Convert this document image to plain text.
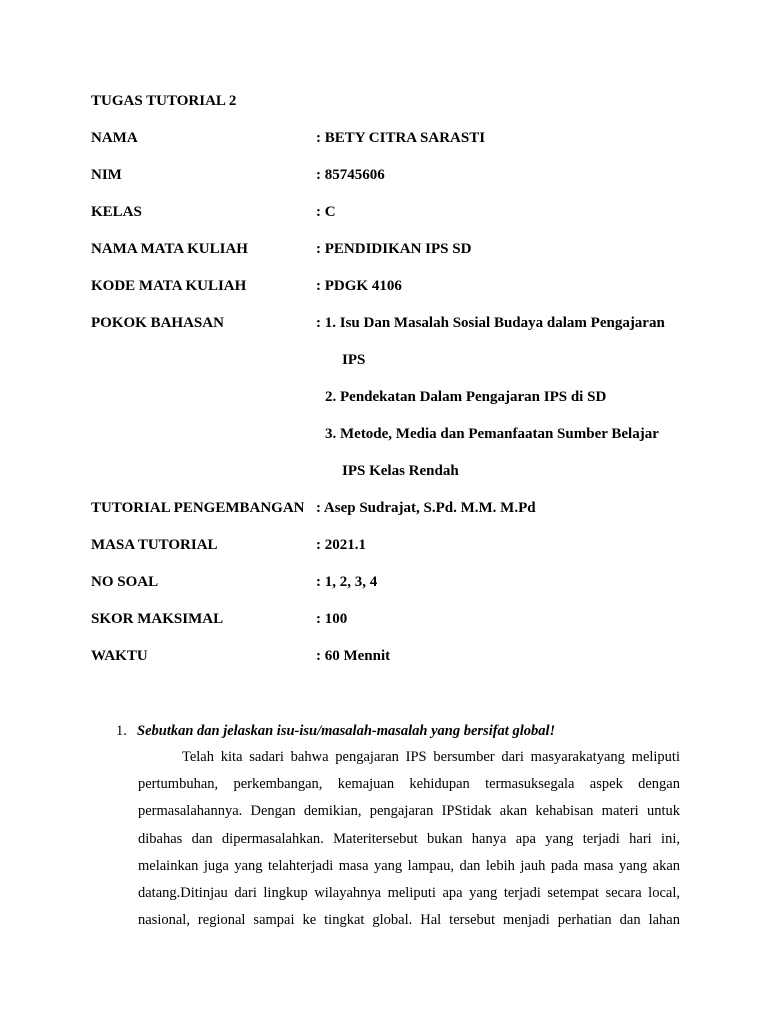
TUGAS TUTORIAL 2
NAMA	: BETY CITRA SARASTI
NIM	: 85745606
KELAS	: C
NAMA MATA KULIAH	: PENDIDIKAN IPS SD
KODE MATA KULIAH	: PDGK 4106
POKOK BAHASAN	: 1. Isu Dan Masalah Sosial Budaya dalam Pengajaran
IPS
2. Pendekatan Dalam Pengajaran IPS di SD
3. Metode, Media dan Pemanfaatan Sumber Belajar
IPS Kelas Rendah
TUTORIAL PENGEMBANGAN : Asep Sudrajat, S.Pd. M.M. M.Pd
MASA TUTORIAL	: 2021.1
NO SOAL	: 1, 2, 3, 4
SKOR MAKSIMAL	: 100
WAKTU	: 60 Mennit
1. Sebutkan dan jelaskan isu-isu/masalah-masalah yang bersifat global!
Telah kita sadari bahwa pengajaran IPS bersumber dari masyarakatyang meliputi
pertumbuhan, perkembangan, kemajuan kehidupan termasuksegala aspek dengan
permasalahannya. Dengan demikian, pengajaran IPStidak akan kehabisan materi untuk
dibahas dan dipermasalahkan. Materitersebut bukan hanya apa yang terjadi hari ini,
melainkan juga yang telahterjadi masa yang lampau, dan lebih jauh pada masa yang akan
datang.Ditinjau dari lingkup wilayahnya meliputi apa yang terjadi setempat secara local,
nasional, regional sampai ke tingkat global. Hal tersebut menjadi perhatian dan lahan
